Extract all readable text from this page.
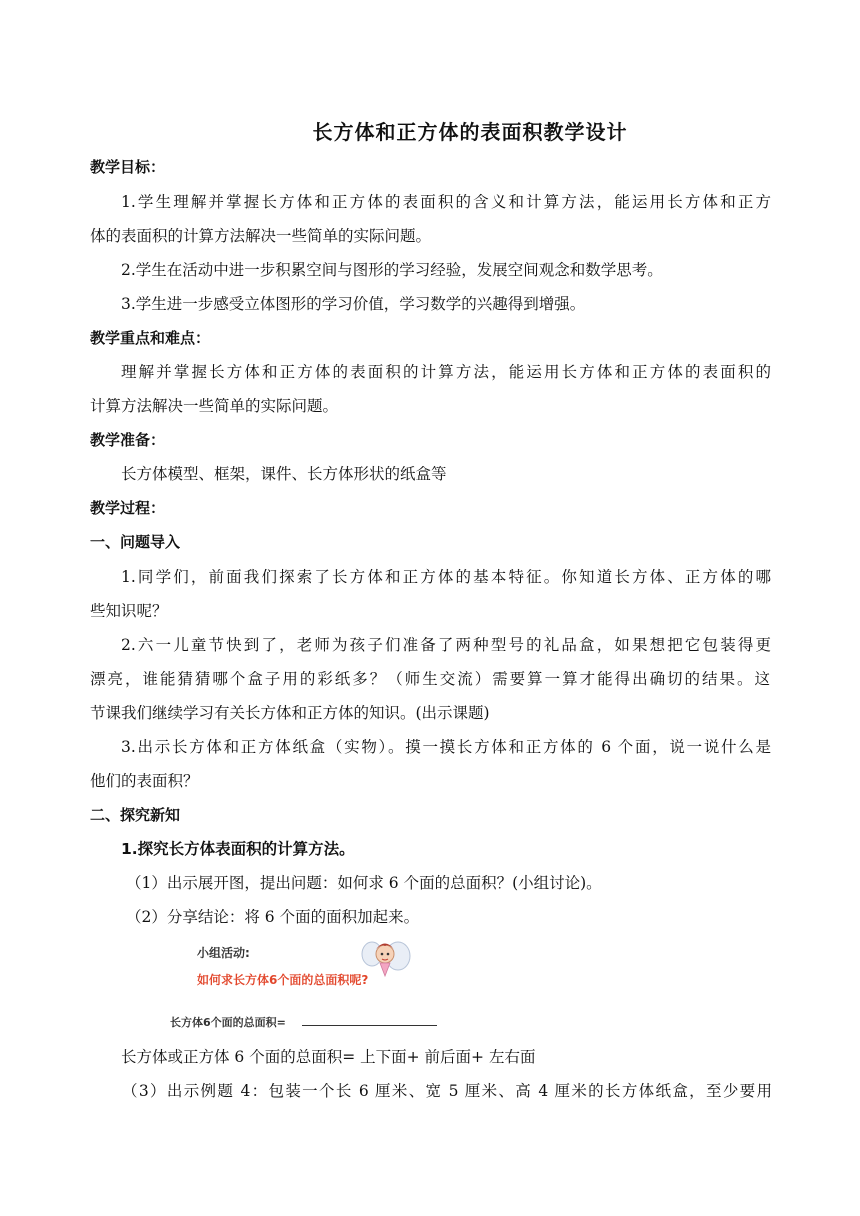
长方体和正方体的表面积教学设计
教学目标：
1.学生理解并掌握长方体和正方体的表面积的含义和计算方法，能运用长方体和正方
体的表面积的计算方法解决一些简单的实际问题。
2.学生在活动中进一步积累空间与图形的学习经验，发展空间观念和数学思考。
3.学生进一步感受立体图形的学习价值，学习数学的兴趣得到增强。
教学重点和难点：
理解并掌握长方体和正方体的表面积的计算方法，能运用长方体和正方体的表面积的
计算方法解决一些简单的实际问题。
教学准备：
长方体模型、框架，课件、长方体形状的纸盒等
教学过程：
一、问题导入
1.同学们，前面我们探索了长方体和正方体的基本特征。你知道长方体、正方体的哪
些知识呢？
2.六一儿童节快到了，老师为孩子们准备了两种型号的礼品盒，如果想把它包装得更
漂亮，谁能猜猜哪个盒子用的彩纸多？（师生交流）需要算一算才能得出确切的结果。这
节课我们继续学习有关长方体和正方体的知识。(出示课题)
3.出示长方体和正方体纸盒（实物）。摸一摸长方体和正方体的 6 个面，说一说什么是
他们的表面积？
二、探究新知
1.探究长方体表面积的计算方法。
（1）出示展开图，提出问题：如何求 6 个面的总面积？(小组讨论)。
（2）分享结论：将 6 个面的面积加起来。
小组活动:
如何求长方体6个面的总面积呢?
长方体6个面的总面积=
长方体或正方体 6 个面的总面积= 上下面+ 前后面+ 左右面
（3）出示例题 4：包装一个长 6 厘米、宽 5 厘米、高 4 厘米的长方体纸盒，至少要用
